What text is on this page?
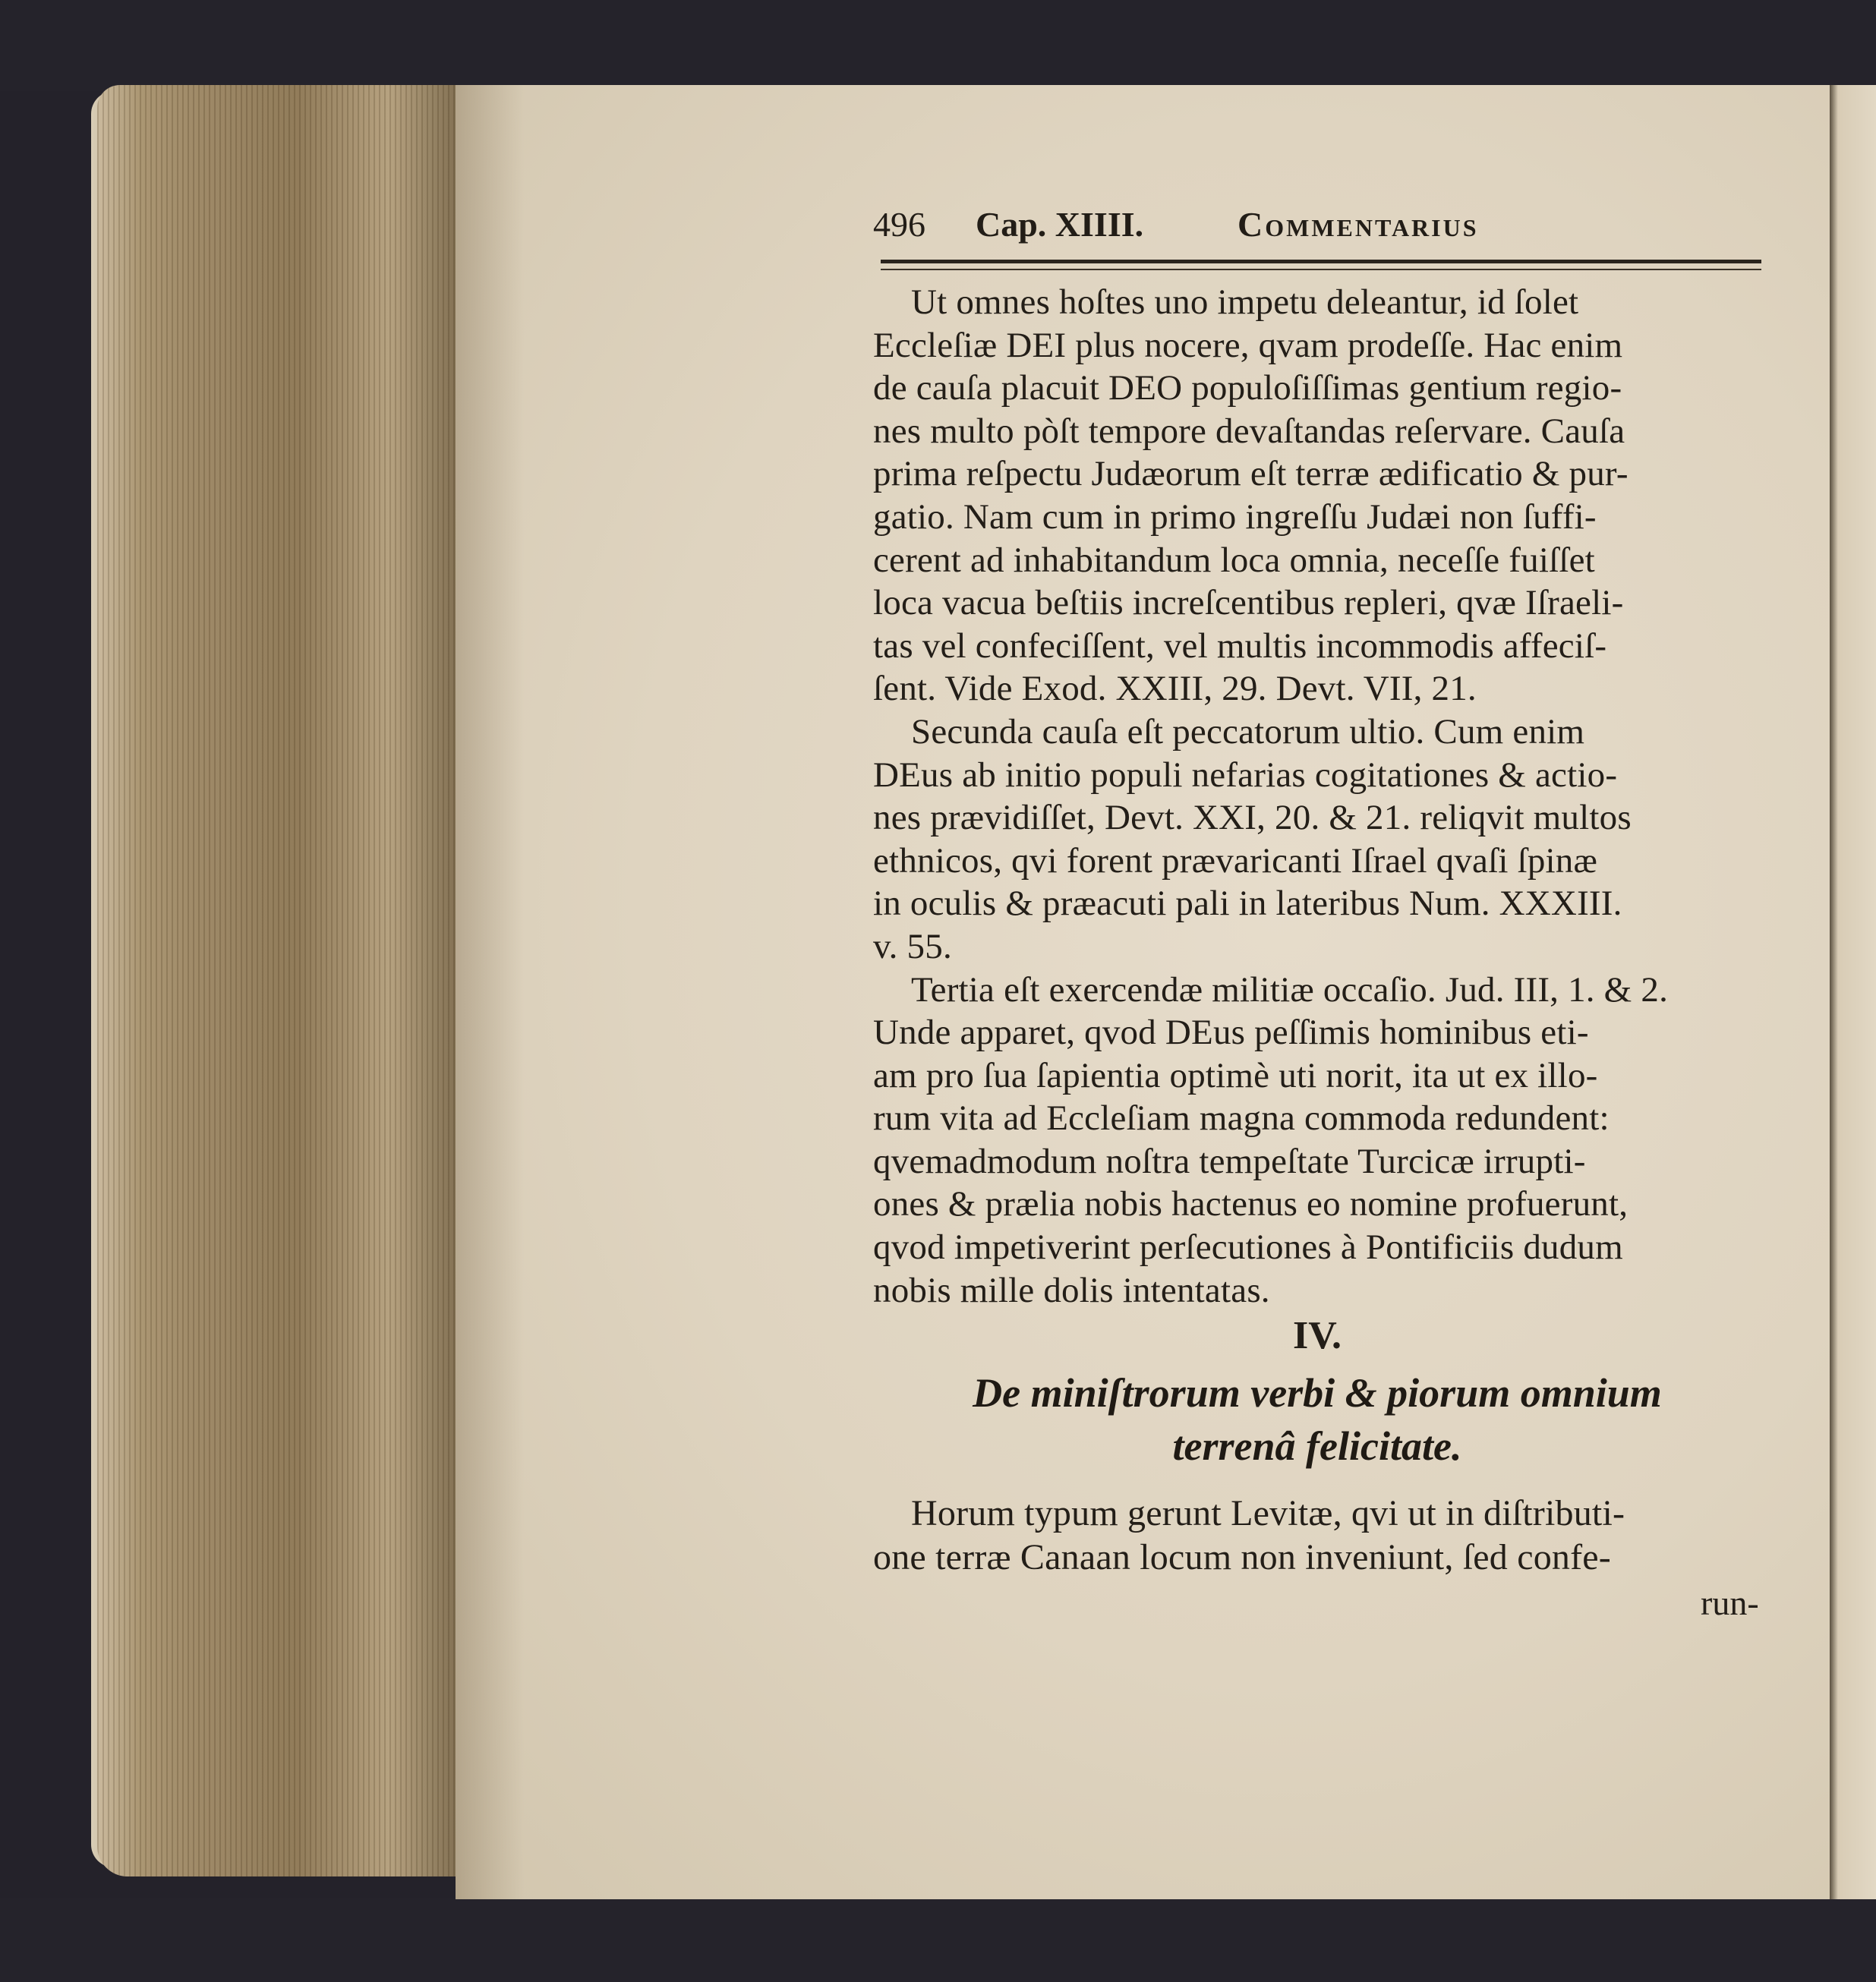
496 Cap. XIIII.	Commentarius
Ut omnes hoſtes uno impetu deleantur, id ſolet
Eccleſiæ DEI plus nocere, qvam prodeſſe. Hac enim
de cauſa placuit DEO populoſiſſimas gentium regio-
nes multo pòſt tempore devaſtandas reſervare. Cauſa
prima reſpectu Judæorum eſt terræ ædificatio & pur-
gatio. Nam cum in primo ingreſſu Judæi non ſuffi-
cerent ad inhabitandum loca omnia, neceſſe fuiſſet
loca vacua beſtiis increſcentibus repleri, qvæ Iſraeli-
tas vel confeciſſent, vel multis incommodis affeciſ-
ſent. Vide Exod. XXIII, 29. Devt. VII, 21.
Secunda cauſa eſt peccatorum ultio. Cum enim
DEus ab initio populi nefarias cogitationes & actio-
nes prævidiſſet, Devt. XXI, 20. & 21. reliqvit multos
ethnicos, qvi forent prævaricanti Iſrael qvaſi ſpinæ
in oculis & præacuti pali in lateribus Num. XXXIII.
v. 55.
Tertia eſt exercendæ militiæ occaſio. Jud. III, 1. & 2.
Unde apparet, qvod DEus peſſimis hominibus eti-
am pro ſua ſapientia optimè uti norit, ita ut ex illo-
rum vita ad Eccleſiam magna commoda redundent:
qvemadmodum noſtra tempeſtate Turcicæ irrupti-
ones & prælia nobis hactenus eo nomine profuerunt,
qvod impetiverint perſecutiones à Pontificiis dudum
nobis mille dolis intentatas.
IV.
De miniſtrorum verbi & piorum omnium
terrenâ felicitate.
Horum typum gerunt Levitæ, qvi ut in diſtributi-
one terræ Canaan locum non inveniunt, ſed confe-
run-
